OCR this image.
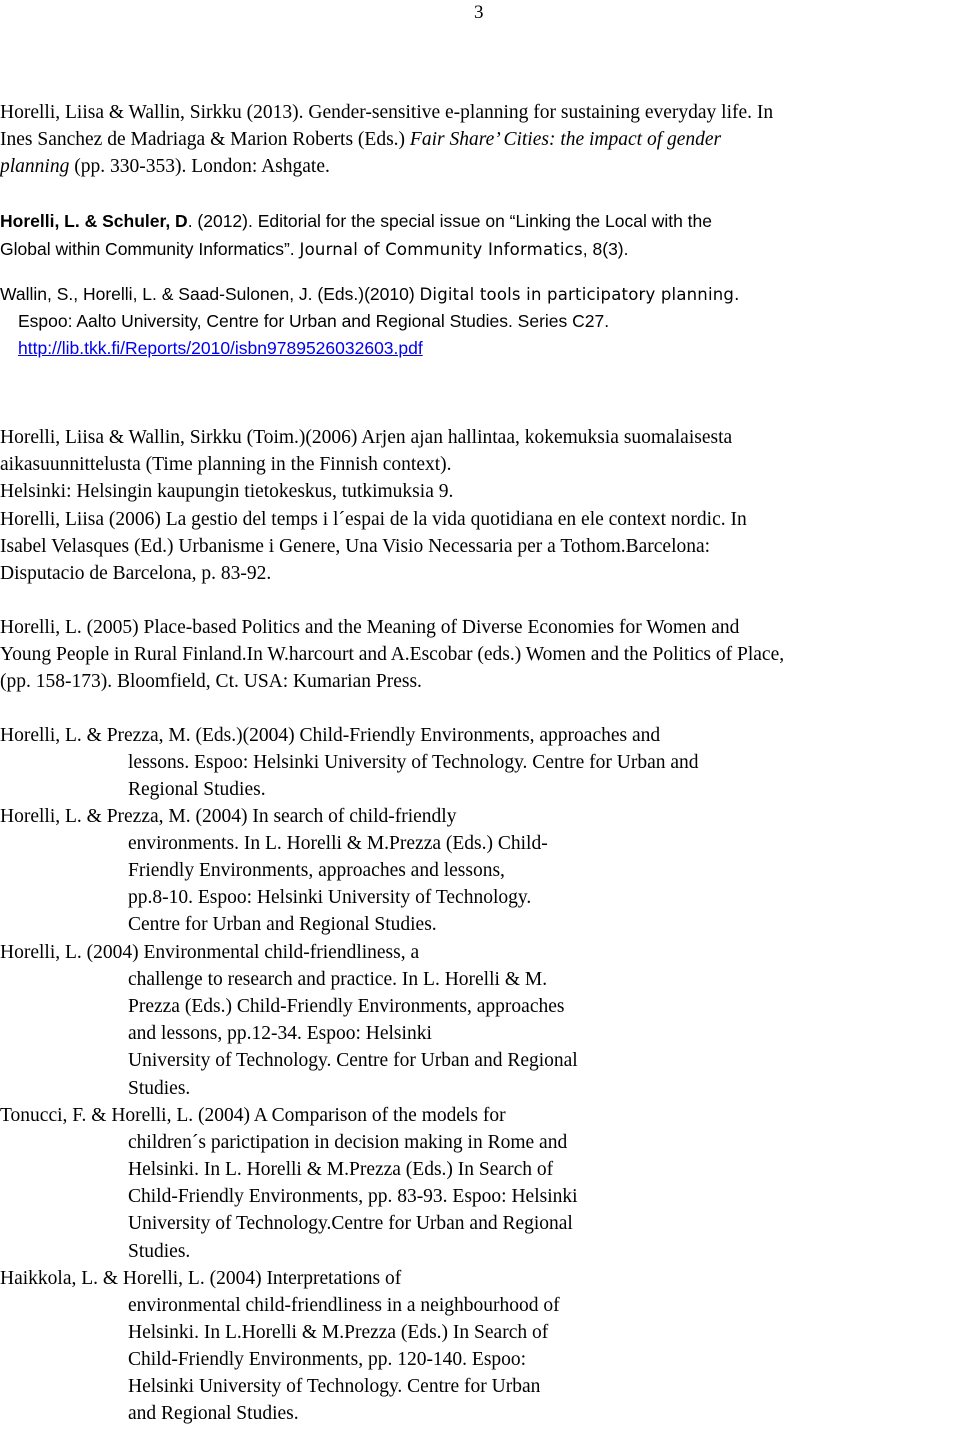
3
Horelli, Liisa & Wallin, Sirkku (2013). Gender-sensitive e-planning for sustaining everyday life. In
Ines Sanchez de Madriaga & Marion Roberts (Eds.) Fair Share’ Cities: the impact of gender
planning (pp. 330-353). London: Ashgate.
Horelli, L. & Schuler, D. (2012). Editorial for the special issue on “Linking the Local with the
Global within Community Informatics”. Journal of Community Informatics, 8(3).
Wallin, S., Horelli, L. & Saad-Sulonen, J. (Eds.)(2010) Digital tools in participatory planning.
Espoo: Aalto University, Centre for Urban and Regional Studies. Series C27.
http://lib.tkk.fi/Reports/2010/isbn9789526032603.pdf
Horelli, Liisa & Wallin, Sirkku (Toim.)(2006) Arjen ajan hallintaa, kokemuksia suomalaisesta
aikasuunnittelusta (Time planning in the Finnish context).
Helsinki: Helsingin kaupungin tietokeskus, tutkimuksia 9.
Horelli, Liisa (2006) La gestio del temps i l´espai de la vida quotidiana en ele context nordic. In
Isabel Velasques (Ed.) Urbanisme i Genere, Una Visio Necessaria per a Tothom.Barcelona:
Disputacio de Barcelona, p. 83-92.
Horelli, L. (2005) Place-based Politics and the Meaning of Diverse Economies for Women and
Young People in Rural Finland.In W.harcourt and A.Escobar (eds.) Women and the Politics of Place,
(pp. 158-173). Bloomfield, Ct. USA: Kumarian Press.
Horelli, L. & Prezza, M. (Eds.)(2004) Child-Friendly Environments, approaches and
lessons. Espoo: Helsinki University of Technology. Centre for Urban and
Regional Studies.
Horelli, L. & Prezza, M. (2004) In search of child-friendly
environments. In L. Horelli & M.Prezza (Eds.) Child-
Friendly Environments, approaches and lessons,
pp.8-10. Espoo: Helsinki University of Technology.
Centre for Urban and Regional Studies.
Horelli, L. (2004) Environmental child-friendliness, a
challenge to research and practice. In L. Horelli & M.
Prezza (Eds.) Child-Friendly Environments, approaches
and lessons, pp.12-34. Espoo: Helsinki
University of Technology. Centre for Urban and Regional
Studies.
Tonucci, F. & Horelli, L. (2004) A Comparison of the models for
children´s parictipation in decision making in Rome and
Helsinki. In L. Horelli & M.Prezza (Eds.) In Search of
Child-Friendly Environments, pp. 83-93. Espoo: Helsinki
University of Technology.Centre for Urban and Regional
Studies.
Haikkola, L. & Horelli, L. (2004) Interpretations of
environmental child-friendliness in a neighbourhood of
Helsinki. In L.Horelli & M.Prezza (Eds.) In Search of
Child-Friendly Environments, pp. 120-140. Espoo:
Helsinki University of Technology. Centre for Urban
and Regional Studies.
